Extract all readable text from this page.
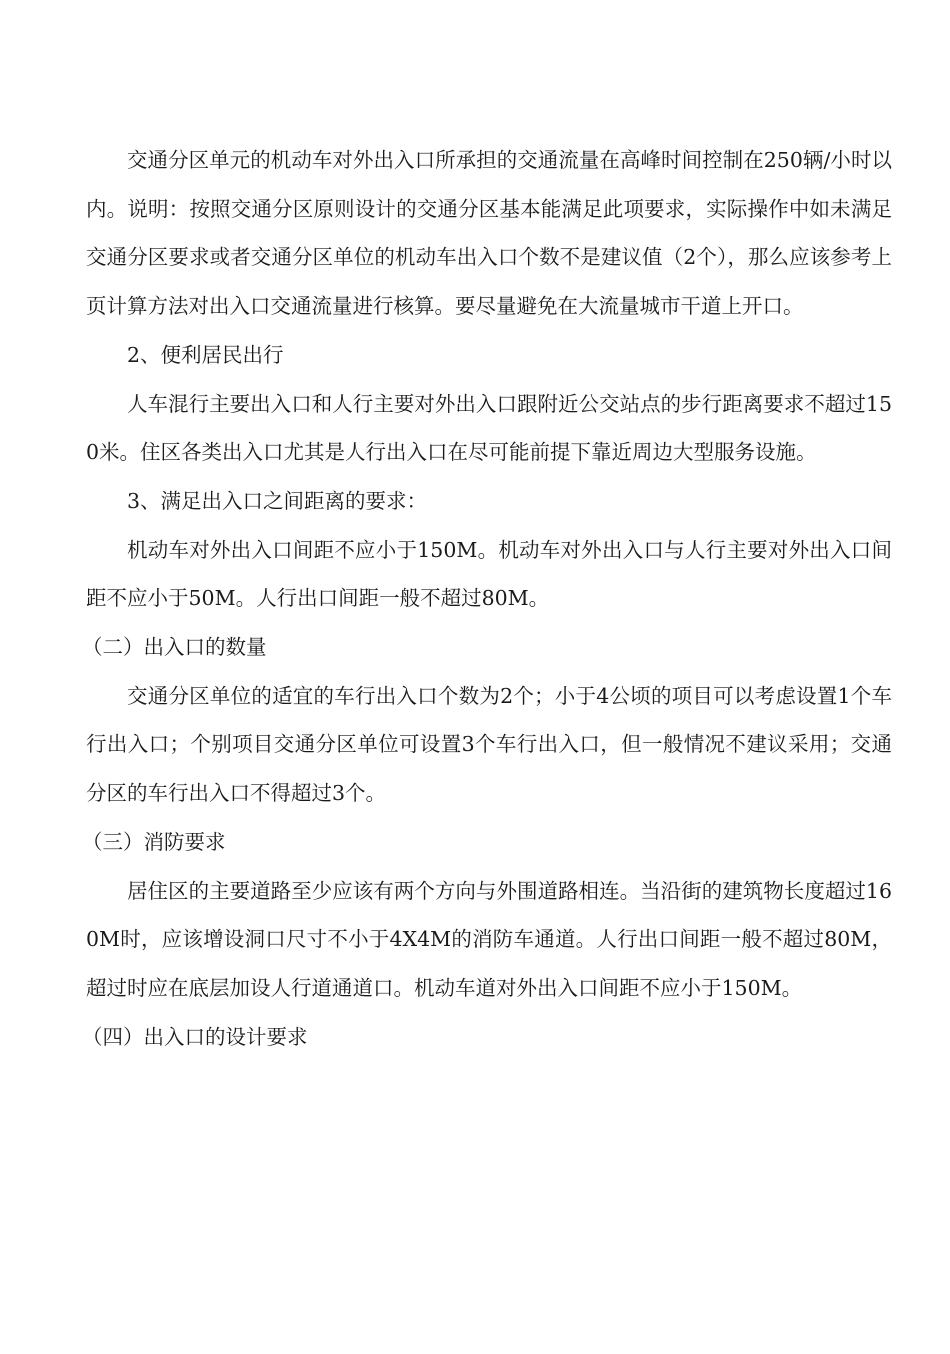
交通分区单元的机动车对外出入口所承担的交通流量在高峰时间控制在250辆/小时以内。说明：按照交通分区原则设计的交通分区基本能满足此项要求，实际操作中如未满足交通分区要求或者交通分区单位的机动车出入口个数不是建议值（2个），那么应该参考上页计算方法对出入口交通流量进行核算。要尽量避免在大流量城市干道上开口。

2、便利居民出行

人车混行主要出入口和人行主要对外出入口跟附近公交站点的步行距离要求不超过150米。住区各类出入口尤其是人行出入口在尽可能前提下靠近周边大型服务设施。

3、满足出入口之间距离的要求：

机动车对外出入口间距不应小于150M。机动车对外出入口与人行主要对外出入口间距不应小于50M。人行出口间距一般不超过80M。

（二）出入口的数量

交通分区单位的适宜的车行出入口个数为2个；小于4公顷的项目可以考虑设置1个车行出入口；个别项目交通分区单位可设置3个车行出入口，但一般情况不建议采用；交通分区的车行出入口不得超过3个。

（三）消防要求

居住区的主要道路至少应该有两个方向与外围道路相连。当沿街的建筑物长度超过160M时，应该增设洞口尺寸不小于4X4M的消防车通道。人行出口间距一般不超过80M，超过时应在底层加设人行道通道口。机动车道对外出入口间距不应小于150M。

（四）出入口的设计要求
